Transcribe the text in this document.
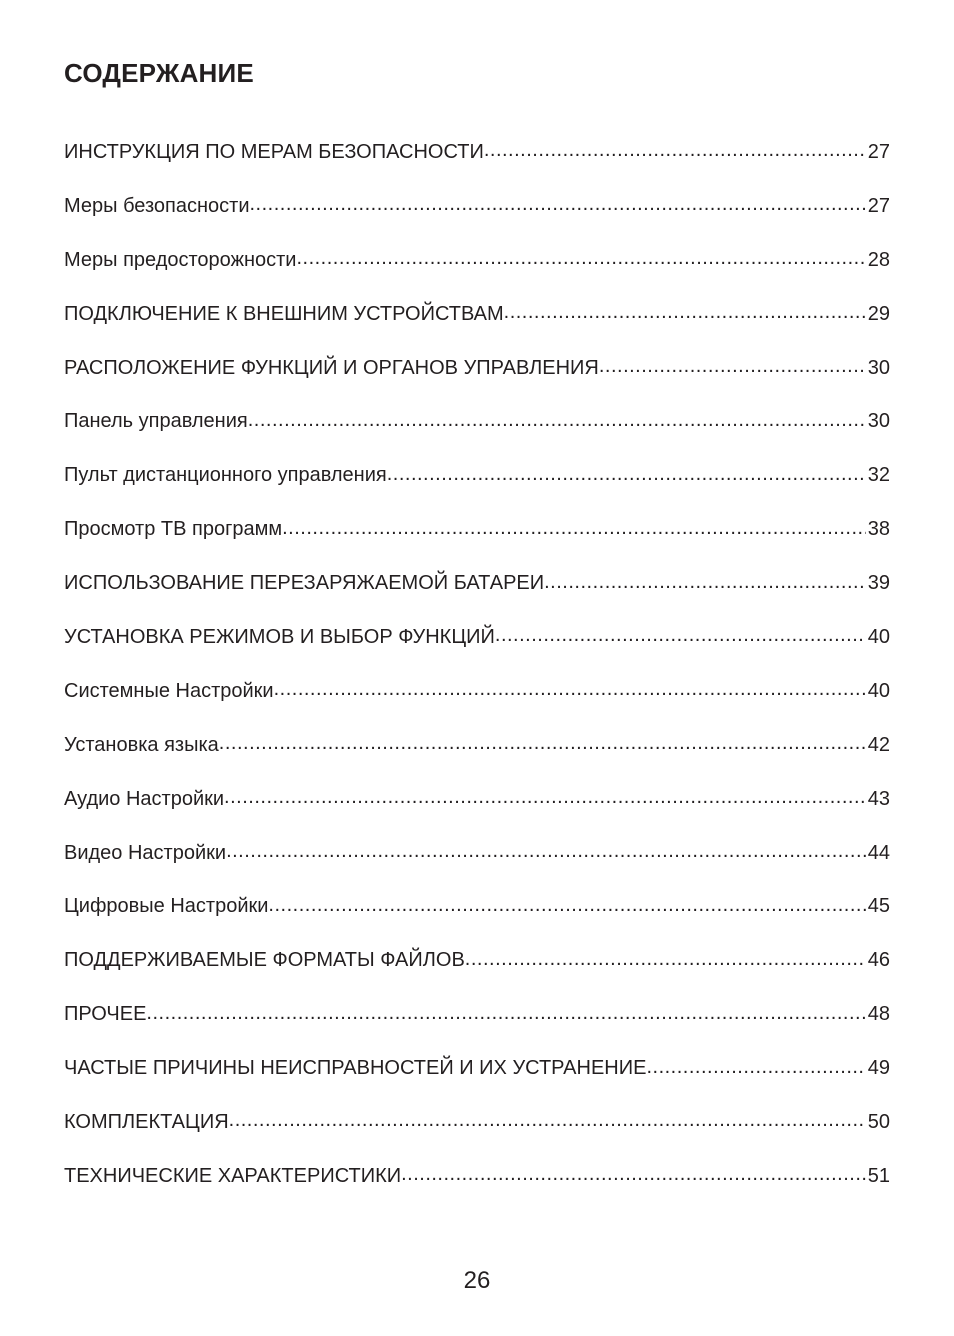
СОДЕРЖАНИЕ
ИНСТРУКЦИЯ ПО МЕРАМ БЕЗОПАСНОСТИ .....	27
Меры безопасности .....	27
Меры предосторожности .....	28
ПОДКЛЮЧЕНИЕ К ВНЕШНИМ УСТРОЙСТВАМ .....	29
РАСПОЛОЖЕНИЕ ФУНКЦИЙ И ОРГАНОВ УПРАВЛЕНИЯ .....	30
Панель управления .....	30
Пульт дистанционного управления .....	32
Просмотр ТВ программ .....	38
ИСПОЛЬЗОВАНИЕ ПЕРЕЗАРЯЖАЕМОЙ БАТАРЕИ .....	39
УСТАНОВКА РЕЖИМОВ И ВЫБОР ФУНКЦИЙ .....	40
Системные Настройки .....	40
Установка языка .....	42
Аудио Настройки .....	43
Видео Настройки .....	44
Цифровые Настройки .....	45
ПОДДЕРЖИВАЕМЫЕ ФОРМАТЫ ФАЙЛОВ .....	46
ПРОЧЕЕ .....	48
ЧАСТЫЕ ПРИЧИНЫ НЕИСПРАВНОСТЕЙ И ИХ УСТРАНЕНИЕ .....	49
КОМПЛЕКТАЦИЯ .....	50
ТЕХНИЧЕСКИЕ ХАРАКТЕРИСТИКИ .....	51
26
